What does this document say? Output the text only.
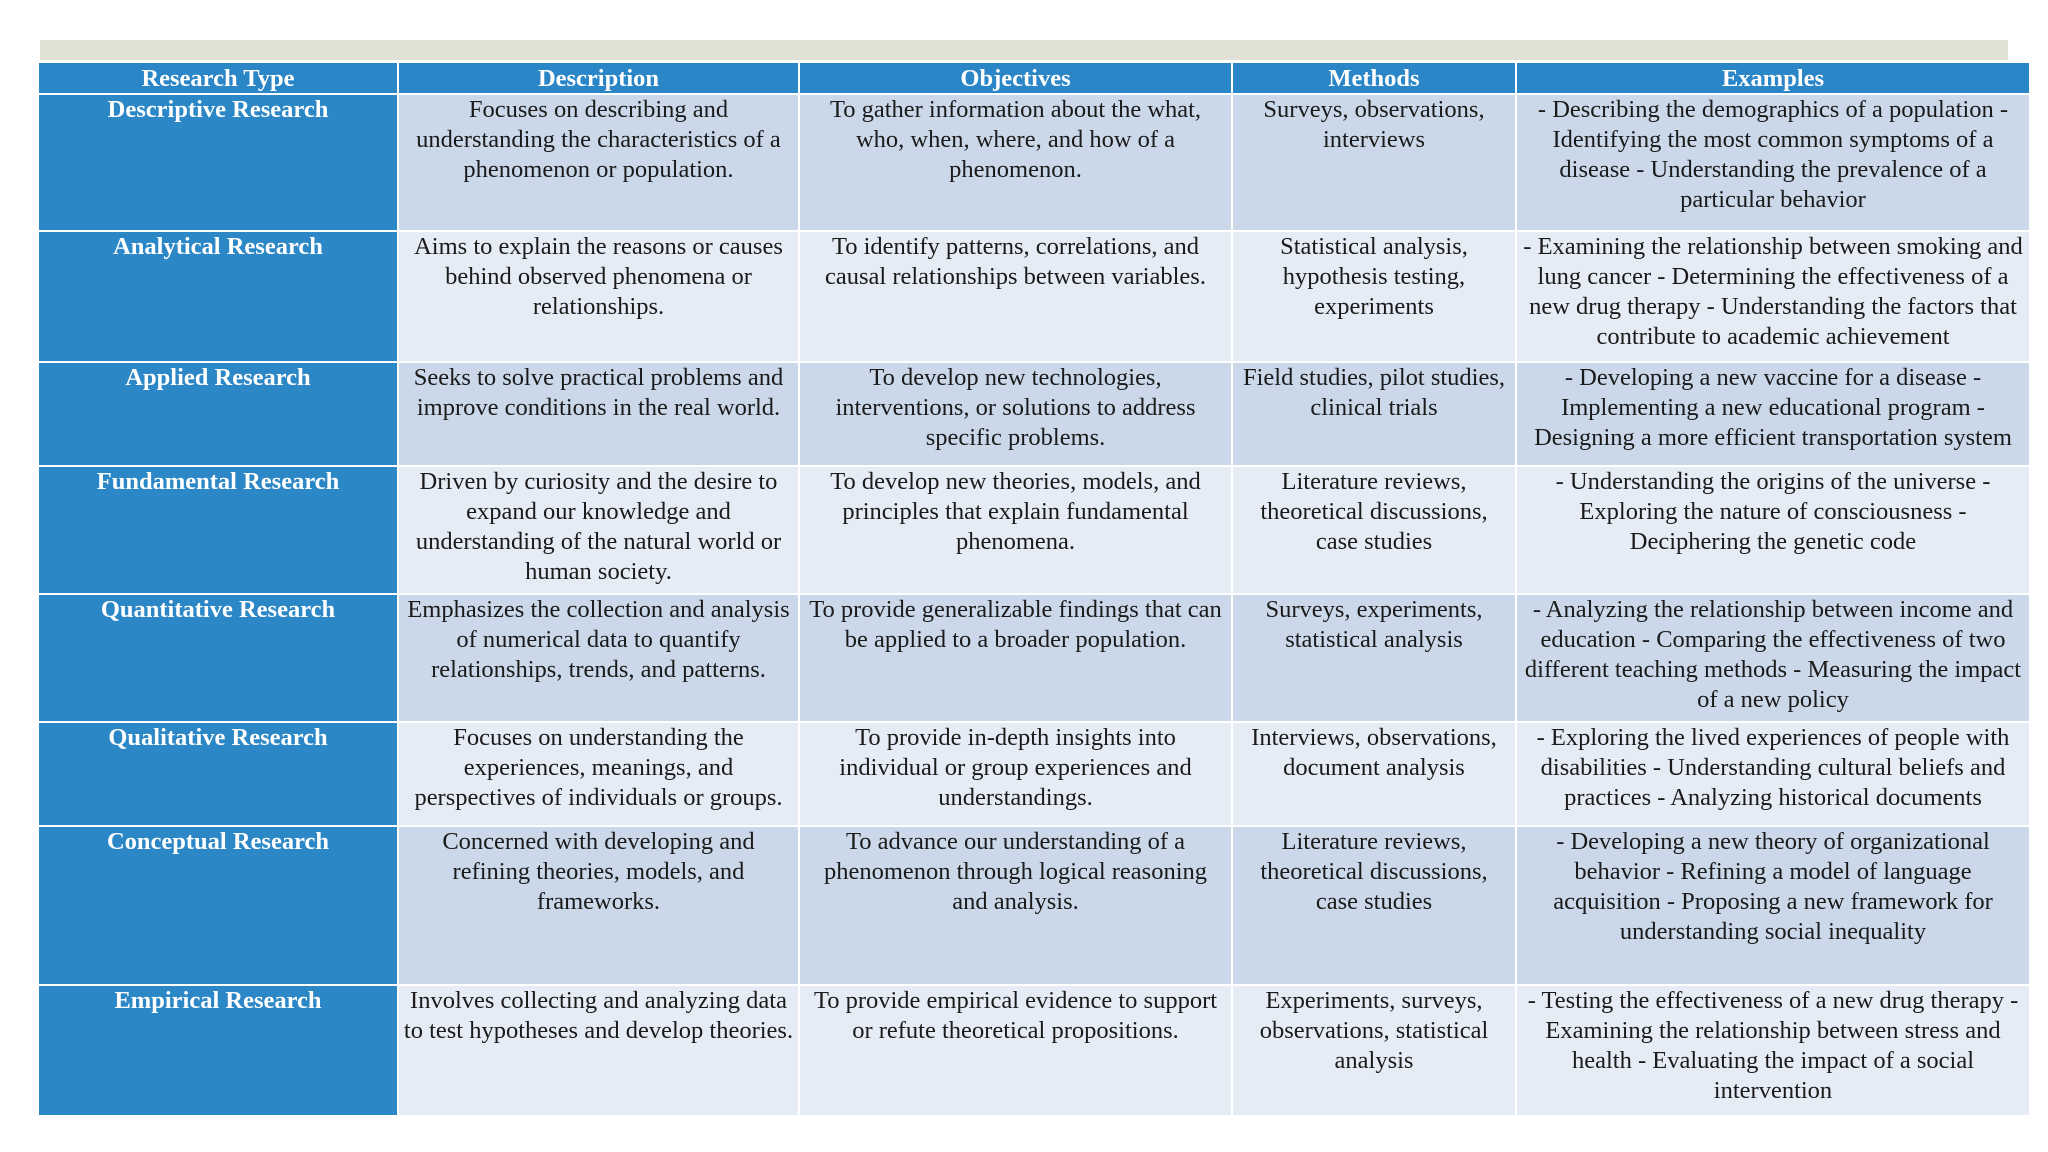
Research Type	Description	Objectives	Methods	Examples
Descriptive Research	Focuses on describing and understanding the characteristics of a phenomenon or population.	To gather information about the what, who, when, where, and how of a phenomenon.	Surveys, observations, interviews	- Describing the demographics of a population - Identifying the most common symptoms of a disease - Understanding the prevalence of a particular behavior
Analytical Research	Aims to explain the reasons or causes behind observed phenomena or relationships.	To identify patterns, correlations, and causal relationships between variables.	Statistical analysis, hypothesis testing, experiments	- Examining the relationship between smoking and lung cancer - Determining the effectiveness of a new drug therapy - Understanding the factors that contribute to academic achievement
Applied Research	Seeks to solve practical problems and improve conditions in the real world.	To develop new technologies, interventions, or solutions to address specific problems.	Field studies, pilot studies, clinical trials	- Developing a new vaccine for a disease - Implementing a new educational program - Designing a more efficient transportation system
Fundamental Research	Driven by curiosity and the desire to expand our knowledge and understanding of the natural world or human society.	To develop new theories, models, and principles that explain fundamental phenomena.	Literature reviews, theoretical discussions, case studies	- Understanding the origins of the universe - Exploring the nature of consciousness - Deciphering the genetic code
Quantitative Research	Emphasizes the collection and analysis of numerical data to quantify relationships, trends, and patterns.	To provide generalizable findings that can be applied to a broader population.	Surveys, experiments, statistical analysis	- Analyzing the relationship between income and education - Comparing the effectiveness of two different teaching methods - Measuring the impact of a new policy
Qualitative Research	Focuses on understanding the experiences, meanings, and perspectives of individuals or groups.	To provide in-depth insights into individual or group experiences and understandings.	Interviews, observations, document analysis	- Exploring the lived experiences of people with disabilities - Understanding cultural beliefs and practices - Analyzing historical documents
Conceptual Research	Concerned with developing and refining theories, models, and frameworks.	To advance our understanding of a phenomenon through logical reasoning and analysis.	Literature reviews, theoretical discussions, case studies	- Developing a new theory of organizational behavior - Refining a model of language acquisition - Proposing a new framework for understanding social inequality
Empirical Research	Involves collecting and analyzing data to test hypotheses and develop theories.	To provide empirical evidence to support or refute theoretical propositions.	Experiments, surveys, observations, statistical analysis	- Testing the effectiveness of a new drug therapy - Examining the relationship between stress and health - Evaluating the impact of a social intervention
